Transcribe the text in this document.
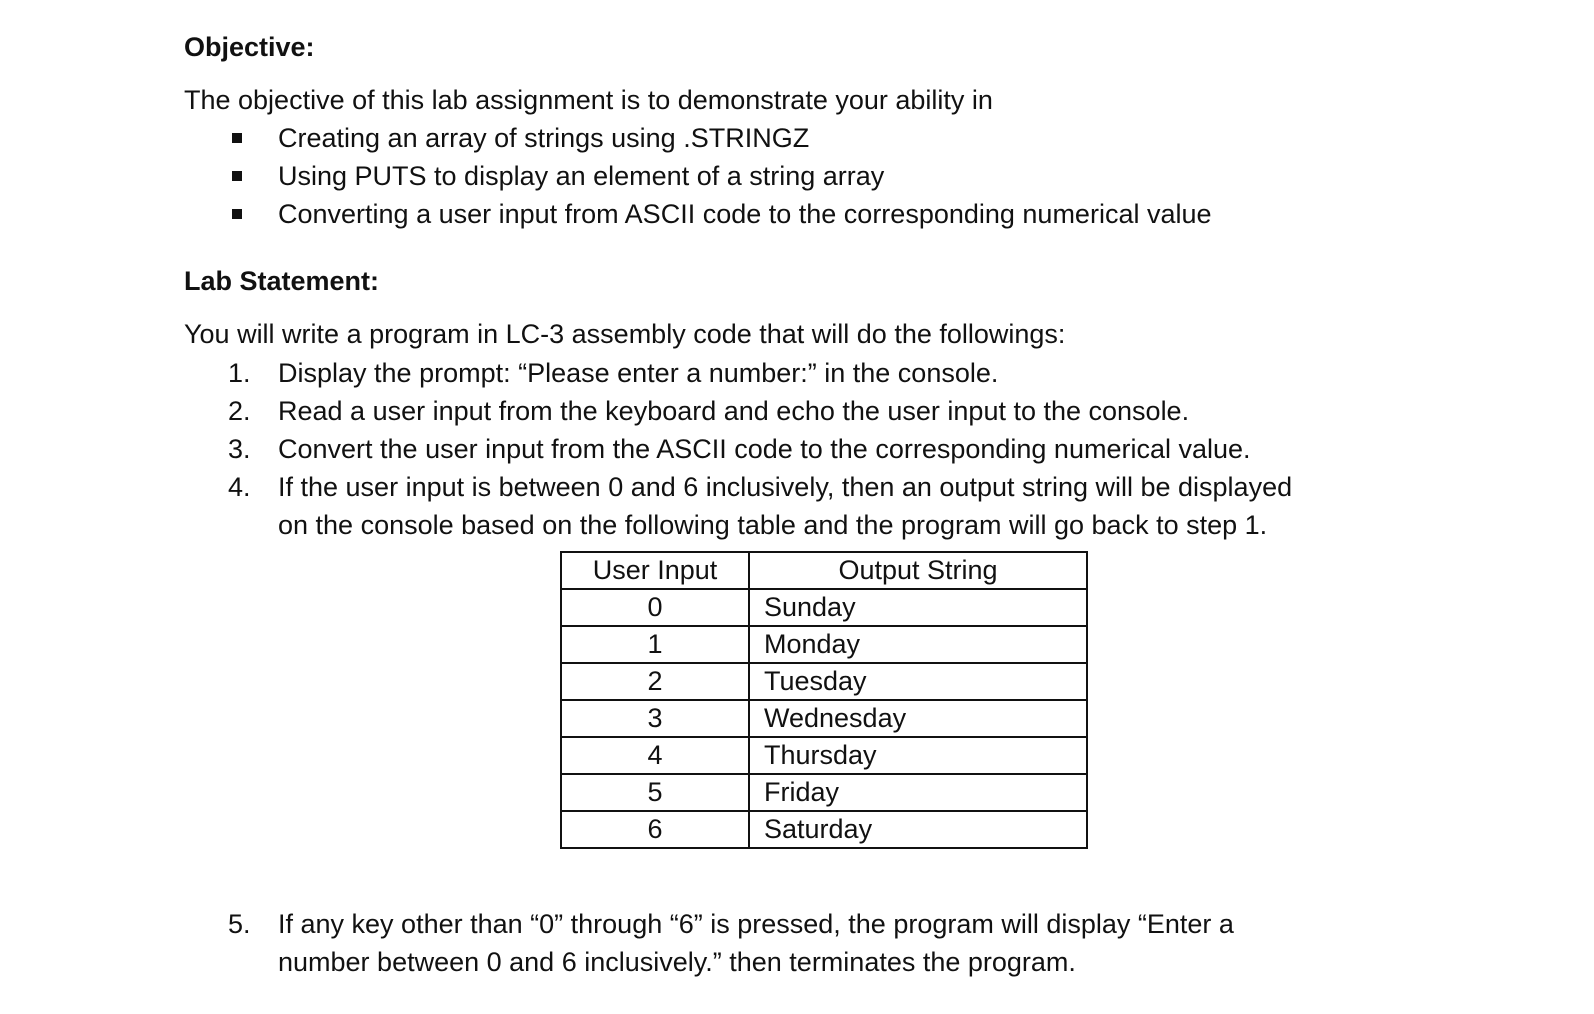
Objective:

The objective of this lab assignment is to demonstrate your ability in

Creating an array of strings using .STRINGZ
Using PUTS to display an element of a string array
Converting a user input from ASCII code to the corresponding numerical value
Lab Statement:

You will write a program in LC-3 assembly code that will do the followings:

1. Display the prompt: “Please enter a number:” in the console.
2. Read a user input from the keyboard and echo the user input to the console.
3. Convert the user input from the ASCII code to the corresponding numerical value.
4. If the user input is between 0 and 6 inclusively, then an output string will be displayed
on the console based on the following table and the program will go back to step 1.
User Input	Output String
0	Sunday
1	Monday
2	Tuesday
3	Wednesday
4	Thursday
5	Friday
6	Saturday
5. If any key other than “0” through “6” is pressed, the program will display “Enter a
number between 0 and 6 inclusively.” then terminates the program.
